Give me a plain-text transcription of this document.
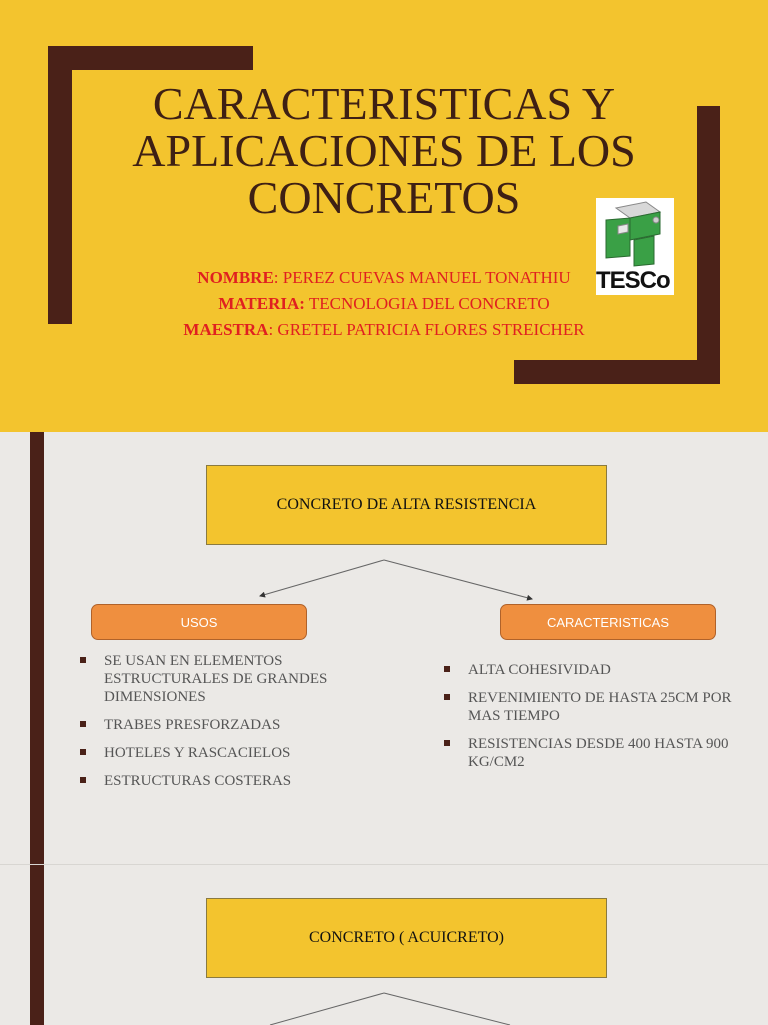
CARACTERISTICAS Y
APLICACIONES DE LOS
CONCRETOS
NOMBRE: PEREZ CUEVAS MANUEL TONATHIU
MATERIA: TECNOLOGIA DEL CONCRETO
MAESTRA: GRETEL PATRICIA FLORES STREICHER
TESCo
CONCRETO DE ALTA RESISTENCIA
USOS	CARACTERISTICAS
SE USAN EN ELEMENTOS ESTRUCTURALES DE GRANDES DIMENSIONES
TRABES PRESFORZADAS
HOTELES Y RASCACIELOS
ESTRUCTURAS COSTERAS
ALTA COHESIVIDAD
REVENIMIENTO DE HASTA 25CM POR MAS TIEMPO
RESISTENCIAS DESDE 400 HASTA 900 KG/CM2
CONCRETO ( ACUICRETO)
